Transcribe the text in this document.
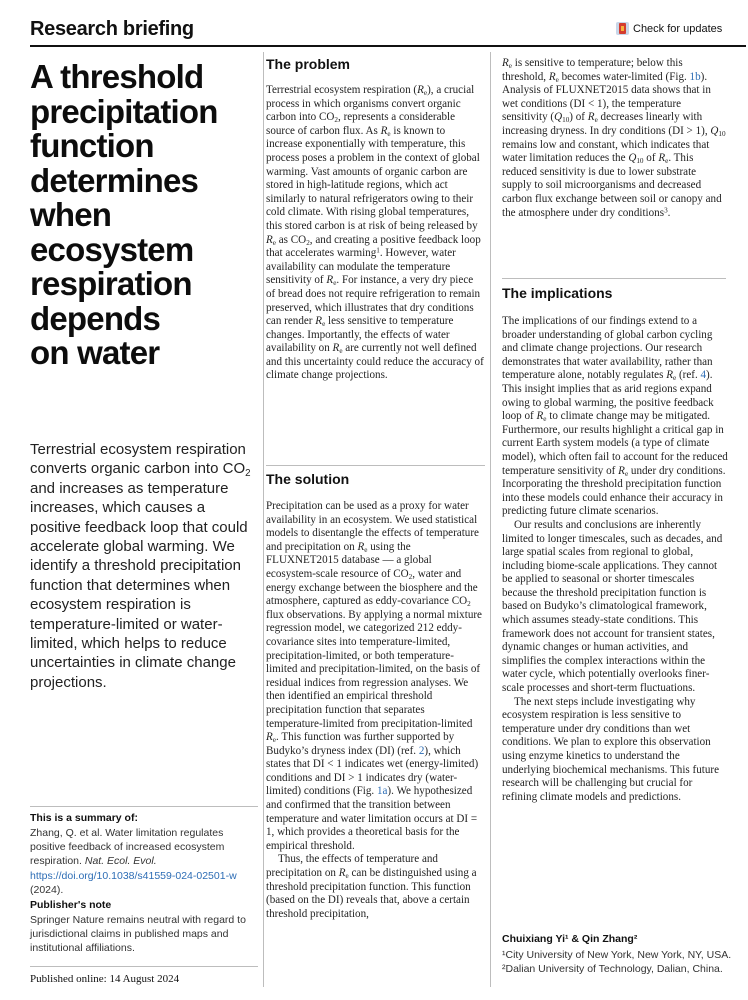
Research briefing	Check for updates
A threshold
precipitation
function
determines
when
ecosystem
respiration
depends
on water
Terrestrial ecosystem respiration converts organic carbon into $CO_2$ and increases as temperature increases, which causes a positive feedback loop that could accelerate global warming. We identify a threshold precipitation function that determines when ecosystem respiration is temperature-limited or water-limited, which helps to reduce uncertainties in climate change projections.
This is a summary of:
Zhang, Q. et al. Water limitation regulates positive feedback of increased ecosystem respiration. Nat. Ecol. Evol. https://doi.org/10.1038/s41559-024-02501-w (2024).
Publisher's note
Springer Nature remains neutral with regard to jurisdictional claims in published maps and institutional affiliations.
Published online: 14 August 2024
The problem

Terrestrial ecosystem respiration $(R_e)$, a crucial process in which organisms convert organic carbon into $CO_2$, represents a considerable source of carbon flux. As $R_e$ is known to increase exponentially with temperature, this process poses a problem in the context of global warming. Vast amounts of organic carbon are stored in high-latitude regions, which act similarly to natural refrigerators owing to their cold climate. With rising global temperatures, this stored carbon is at risk of being released by $R_e$ as $CO_2$, and creating a positive feedback loop that accelerates warming$^1$. However, water availability can modulate the temperature sensitivity of $R_e$. For instance, a very dry piece of bread does not require refrigeration to remain preserved, which illustrates that dry conditions can render $R_e$ less sensitive to temperature changes. Importantly, the effects of water availability on $R_e$ are currently not well defined and this uncertainty could reduce the accuracy of climate change projections.

The solution

Precipitation can be used as a proxy for water availability in an ecosystem. We used statistical models to disentangle the effects of temperature and precipitation on $R_e$ using the FLUXNET2015 database — a global ecosystem-scale resource of $CO_2$, water and energy exchange between the biosphere and the atmosphere, captured as eddy-covariance $CO_2$ flux observations. By applying a normal mixture regression model, we categorized 212 eddy-covariance sites into temperature-limited, precipitation-limited, or both temperature-limited and precipitation-limited, on the basis of residual indices from regression analyses. We then identified an empirical threshold precipitation function that separates temperature-limited from precipitation-limited $R_e$. This function was further supported by Budyko’s dryness index (DI) (ref. 2), which states that DI < 1 indicates wet (energy-limited) conditions and DI > 1 indicates dry (water-limited) conditions (Fig. 1a). We hypothesized and confirmed that the transition between temperature and water limitation occurs at DI = 1, which provides a theoretical basis for the empirical threshold.

Thus, the effects of temperature and precipitation on $R_e$ can be distinguished using a threshold precipitation function. This function (based on the DI) reveals that, above a certain threshold precipitation,

$R_e$ is sensitive to temperature; below this threshold, $R_e$ becomes water-limited (Fig. 1b). Analysis of FLUXNET2015 data shows that in wet conditions (DI < 1), the temperature sensitivity $(Q_{10})$ of $R_e$ decreases linearly with increasing dryness. In dry conditions (DI > 1), $Q_{10}$ remains low and constant, which indicates that water limitation reduces the $Q_{10}$ of $R_e$. This reduced sensitivity is due to lower substrate supply to soil microorganisms and decreased carbon flux exchange between soil or canopy and the atmosphere under dry conditions$^3$.

The implications

The implications of our findings extend to a broader understanding of global carbon cycling and climate change projections. Our research demonstrates that water availability, rather than temperature alone, notably regulates $R_e$ (ref. 4). This insight implies that as arid regions expand owing to global warming, the positive feedback loop of $R_e$ to climate change may be mitigated. Furthermore, our results highlight a critical gap in current Earth system models (a type of climate model), which often fail to account for the reduced temperature sensitivity of $R_e$ under dry conditions. Incorporating the threshold precipitation function into these models could enhance their accuracy in predicting future climate scenarios.

Our results and conclusions are inherently limited to longer timescales, such as decades, and large spatial scales from regional to global, including biome-scale applications. They cannot be applied to seasonal or shorter timescales because the threshold precipitation function is based on Budyko’s climatological framework, which assumes steady-state conditions. This framework does not account for transient states, dynamic changes or human activities, and simplifies the complex interactions within the water cycle, which potentially overlooks finer-scale processes and short-term fluctuations.

The next steps include investigating why ecosystem respiration is less sensitive to temperature under dry conditions than wet conditions. We plan to explore this observation using enzyme kinetics to understand the underlying biochemical mechanisms. This future research will be challenging but crucial for refining climate models and predictions.

Chuixiang Yi¹ & Qin Zhang²
¹City University of New York, New York, NY, USA. ²Dalian University of Technology, Dalian, China.
